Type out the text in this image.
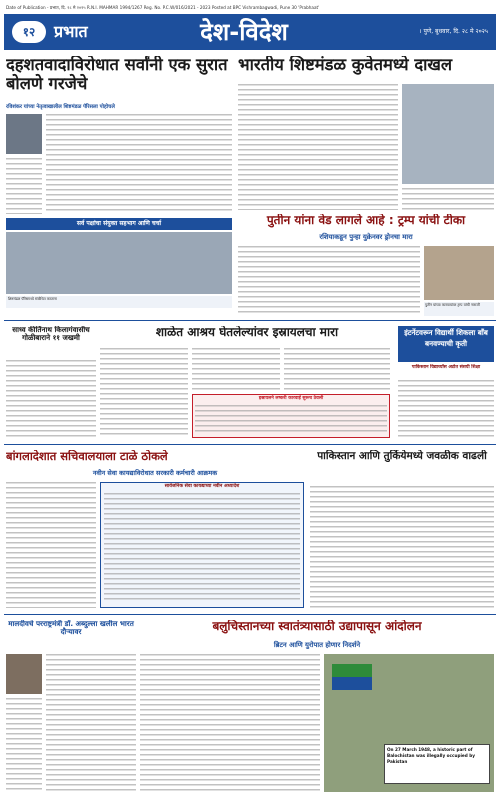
Date of Publication - प्रभात, दि. २८ मे २०२५ R.N.I. MAHMAR 1994/1267 Reg. No. P.C.W/016/2021 - 2023 Posted at BPC Vishrambagwadi, Pune 30 'Prabhaat'
१२	प्रभात	देश-विदेश	। पुणे, बुधवार, दि. २८ मे २०२५
दहशतवादाविरोधात सर्वांनी एक सुरात बोलणे गरजेचे
रविशंकर यांच्या नेतृत्वाखालील शिष्टमंडळ पॅरिसला पोहोचले
सर्व पक्षांचा संयुक्त सहभाग आणि चर्चा
शिष्टमंडळ पॅरिसमध्ये संबोधित करताना
भारतीय शिष्टमंडळ कुवेतमध्ये दाखल
पुतीन यांना वेड लागले आहे : ट्रम्प यांची टीका
रशियाकडून पुन्हा युक्रेनवर ड्रोनचा मारा
पुतीन यांच्या कारवायांवर ट्रम्प यांची नाराजी
साध्व कीर्तिनाथ किलागंवासीच गोळीबाराने ११ जखमी	शाळेत आश्रय घेतलेल्यांवर इस्रायलचा मारा
इस्रायलने लष्करी कारवाई सुरूच ठेवली
इंटर्नेटवरून विद्यार्थी शिकला बॉंब बनवण्याची कृती
पाकिस्तान विद्यार्थ्यांस अटोत संशयी शिक्षा
बांगलादेशात सचिवालयाला टाळे ठोकले
नवीन सेवा कायद्याविरोधात सरकारी कर्मचारी आक्रमक
सार्वजनिक सेवा कायद्याच्या नवीन अध्यादेश
पाकिस्तान आणि तुर्कियेमध्ये जवळीक वाढली
मालदीवचे परराष्ट्रमंत्री डॉ. अब्दुल्ला खलील भारत दौऱ्यावर	बलुचिस्तानच्या स्वातंत्र्यासाठी उद्यापासून आंदोलन
ब्रिटन आणि युरोपात होणार निदर्शने
On 27 March 1948, a historic part of Balochistan was illegally occupied by Pakistan
